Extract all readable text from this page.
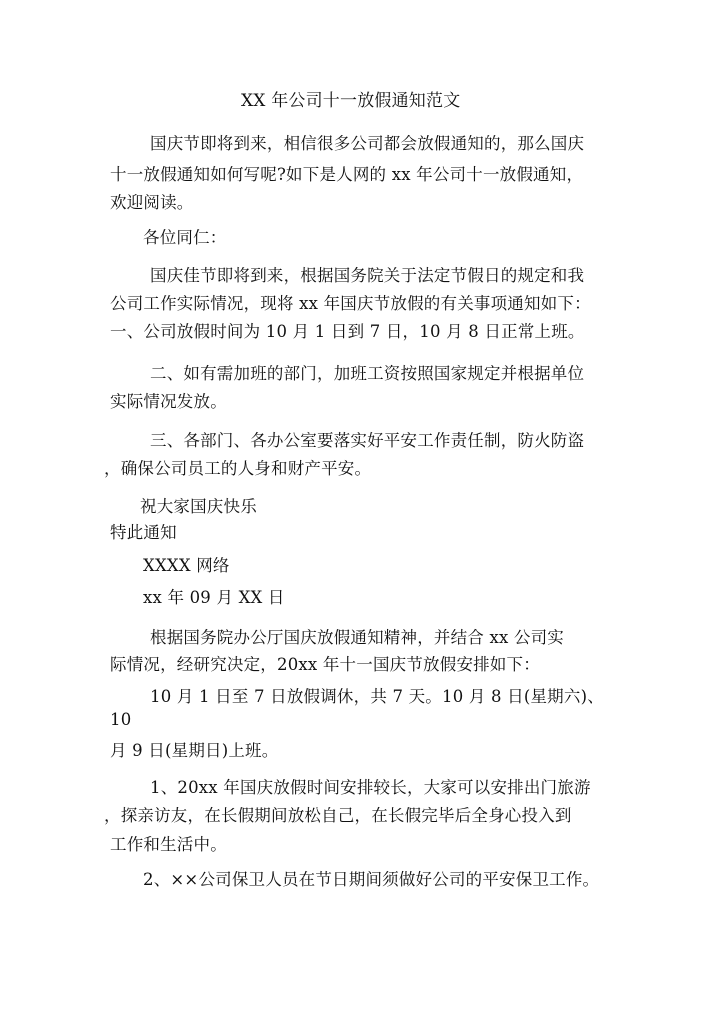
XX 年公司十一放假通知范文
国庆节即将到来，相信很多公司都会放假通知的，那么国庆
十一放假通知如何写呢?如下是人网的 xx 年公司十一放假通知，
欢迎阅读。
各位同仁：
国庆佳节即将到来，根据国务院关于法定节假日的规定和我
公司工作实际情况，现将 xx 年国庆节放假的有关事项通知如下：
一、公司放假时间为 10 月 1 日到 7 日，10 月 8 日正常上班。
二、如有需加班的部门，加班工资按照国家规定并根据单位
实际情况发放。
三、各部门、各办公室要落实好平安工作责任制，防火防盗
，确保公司员工的人身和财产平安。
祝大家国庆快乐
特此通知
XXXX 网络
xx 年 09 月 XX 日
根据国务院办公厅国庆放假通知精神，并结合 xx 公司实
际情况，经研究决定，20xx 年十一国庆节放假安排如下：
10 月 1 日至 7 日放假调休，共 7 天。10 月 8 日(星期六)、
10
月 9 日(星期日)上班。
1、20xx 年国庆放假时间安排较长，大家可以安排出门旅游
，探亲访友，在长假期间放松自己，在长假完毕后全身心投入到
工作和生活中。
2、××公司保卫人员在节日期间须做好公司的平安保卫工作。
